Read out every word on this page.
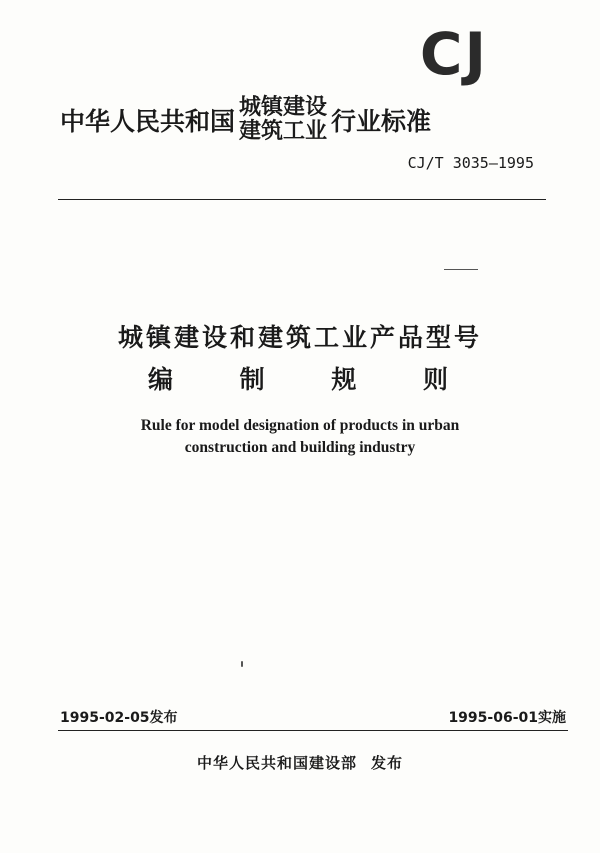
CJ
中华人民共和国 城镇建设
建筑工业 行业标准
CJ/T 3035—1995
城镇建设和建筑工业产品型号
编	制	规	则
Rule for model designation of products in urban
construction and building industry
1995-02-05发布	1995-06-01实施
中华人民共和国建设部 发布
